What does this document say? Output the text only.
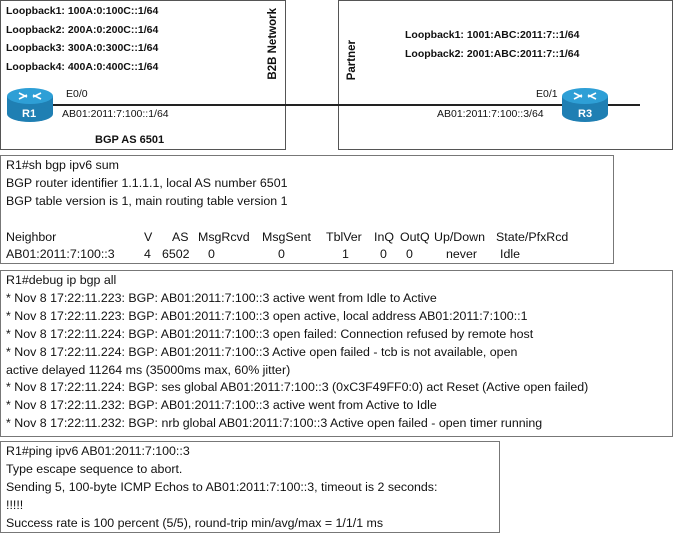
Loopback1: 100A:0:100C::1/64
Loopback2: 200A:0:200C::1/64
Loopback3: 300A:0:300C::1/64
Loopback4: 400A:0:400C::1/64	B2B Network	Partner
Loopback1: 1001:ABC:2011:7::1/64
Loopback2: 2001:ABC:2011:7::1/64
R1
E0/0
AB01:2011:7:100::1/64
BGP AS 6501
R3
E0/1
AB01:2011:7:100::3/64
R1#sh bgp ipv6 sum
BGP router identifier 1.1.1.1, local AS number 6501
BGP table version is 1, main routing table version 1
Neighbor	V	AS MsgRcvd MsgSent	TblVer InQ OutQ Up/Down State/PfxRcd
AB01:2011:7:100::3	4 6502	0	0	1	0	0	never	Idle
R1#debug ip bgp all
* Nov 8 17:22:11.223: BGP: AB01:2011:7:100::3 active went from Idle to Active
* Nov 8 17:22:11.223: BGP: AB01:2011:7:100::3 open active, local address AB01:2011:7:100::1
* Nov 8 17:22:11.224: BGP: AB01:2011:7:100::3 open failed: Connection refused by remote host
* Nov 8 17:22:11.224: BGP: AB01:2011:7:100::3 Active open failed - tcb is not available, open
active delayed 11264 ms (35000ms max, 60% jitter)
* Nov 8 17:22:11.224: BGP: ses global AB01:2011:7:100::3 (0xC3F49FF0:0) act Reset (Active open failed)
* Nov 8 17:22:11.232: BGP: AB01:2011:7:100::3 active went from Active to Idle
* Nov 8 17:22:11.232: BGP: nrb global AB01:2011:7:100::3 Active open failed - open timer running
R1#ping ipv6 AB01:2011:7:100::3
Type escape sequence to abort.
Sending 5, 100-byte ICMP Echos to AB01:2011:7:100::3, timeout is 2 seconds:
!!!!!
Success rate is 100 percent (5/5), round-trip min/avg/max = 1/1/1 ms
